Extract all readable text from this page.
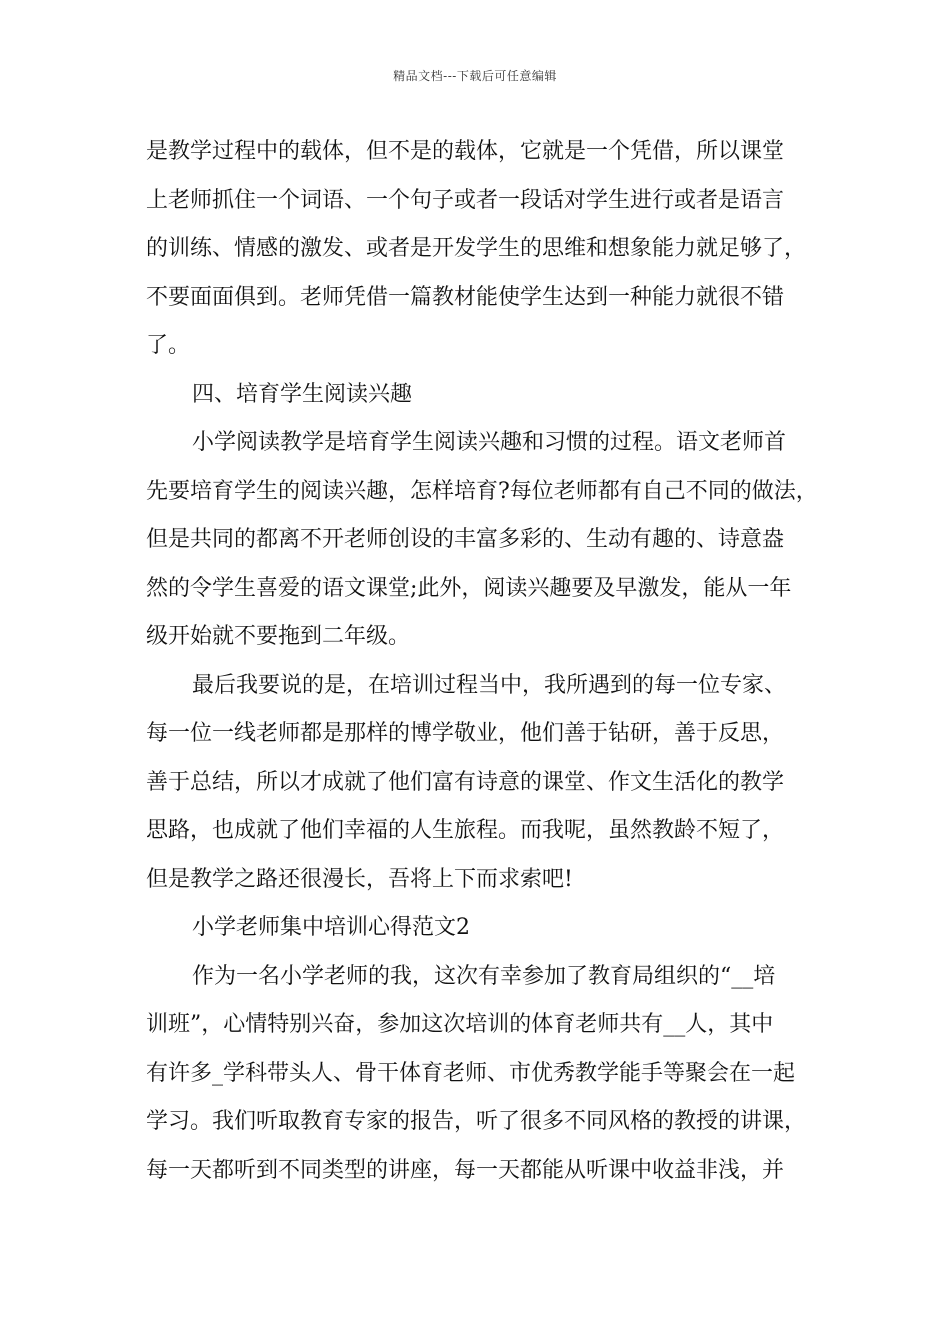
精品文档---下载后可任意编辑
是教学过程中的载体，但不是的载体，它就是一个凭借，所以课堂
上老师抓住一个词语、一个句子或者一段话对学生进行或者是语言
的训练、情感的激发、或者是开发学生的思维和想象能力就足够了，
不要面面俱到。老师凭借一篇教材能使学生达到一种能力就很不错
了。
四、培育学生阅读兴趣
小学阅读教学是培育学生阅读兴趣和习惯的过程。语文老师首
先要培育学生的阅读兴趣，怎样培育?每位老师都有自己不同的做法，
但是共同的都离不开老师创设的丰富多彩的、生动有趣的、诗意盎
然的令学生喜爱的语文课堂;此外，阅读兴趣要及早激发，能从一年
级开始就不要拖到二年级。
最后我要说的是，在培训过程当中，我所遇到的每一位专家、
每一位一线老师都是那样的博学敬业，他们善于钻研，善于反思，
善于总结，所以才成就了他们富有诗意的课堂、作文生活化的教学
思路，也成就了他们幸福的人生旅程。而我呢，虽然教龄不短了，
但是教学之路还很漫长，吾将上下而求索吧!
小学老师集中培训心得范文2
作为一名小学老师的我，这次有幸参加了教育局组织的“__培
训班”，心情特别兴奋，参加这次培训的体育老师共有__人，其中
有许多_学科带头人、骨干体育老师、市优秀教学能手等聚会在一起
学习。我们听取教育专家的报告，听了很多不同风格的教授的讲课，
每一天都听到不同类型的讲座，每一天都能从听课中收益非浅，并
